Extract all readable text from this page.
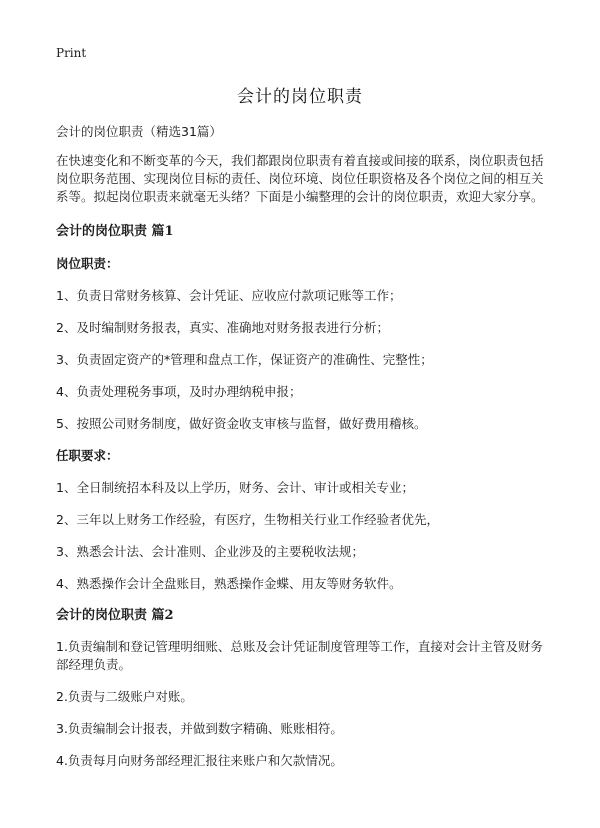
Print
会计的岗位职责
会计的岗位职责（精选31篇）
在快速变化和不断变革的今天，我们都跟岗位职责有着直接或间接的联系，岗位职责包括岗位职务范围、实现岗位目标的责任、岗位环境、岗位任职资格及各个岗位之间的相互关系等。拟起岗位职责来就毫无头绪？下面是小编整理的会计的岗位职责，欢迎大家分享。
会计的岗位职责 篇1
岗位职责：
1、负责日常财务核算、会计凭证、应收应付款项记账等工作；
2、及时编制财务报表，真实、准确地对财务报表进行分析；
3、负责固定资产的*管理和盘点工作，保证资产的准确性、完整性；
4、负责处理税务事项，及时办理纳税申报；
5、按照公司财务制度，做好资金收支审核与监督，做好费用稽核。
任职要求：
1、全日制统招本科及以上学历，财务、会计、审计或相关专业；
2、三年以上财务工作经验，有医疗，生物相关行业工作经验者优先，
3、熟悉会计法、会计准则、企业涉及的主要税收法规；
4、熟悉操作会计全盘账目，熟悉操作金蝶、用友等财务软件。
会计的岗位职责 篇2
1.负责编制和登记管理明细账、总账及会计凭证制度管理等工作，直接对会计主管及财务部经理负责。
2.负责与二级账户对账。
3.负责编制会计报表，并做到数字精确、账账相符。
4.负责每月向财务部经理汇报往来账户和欠款情况。
